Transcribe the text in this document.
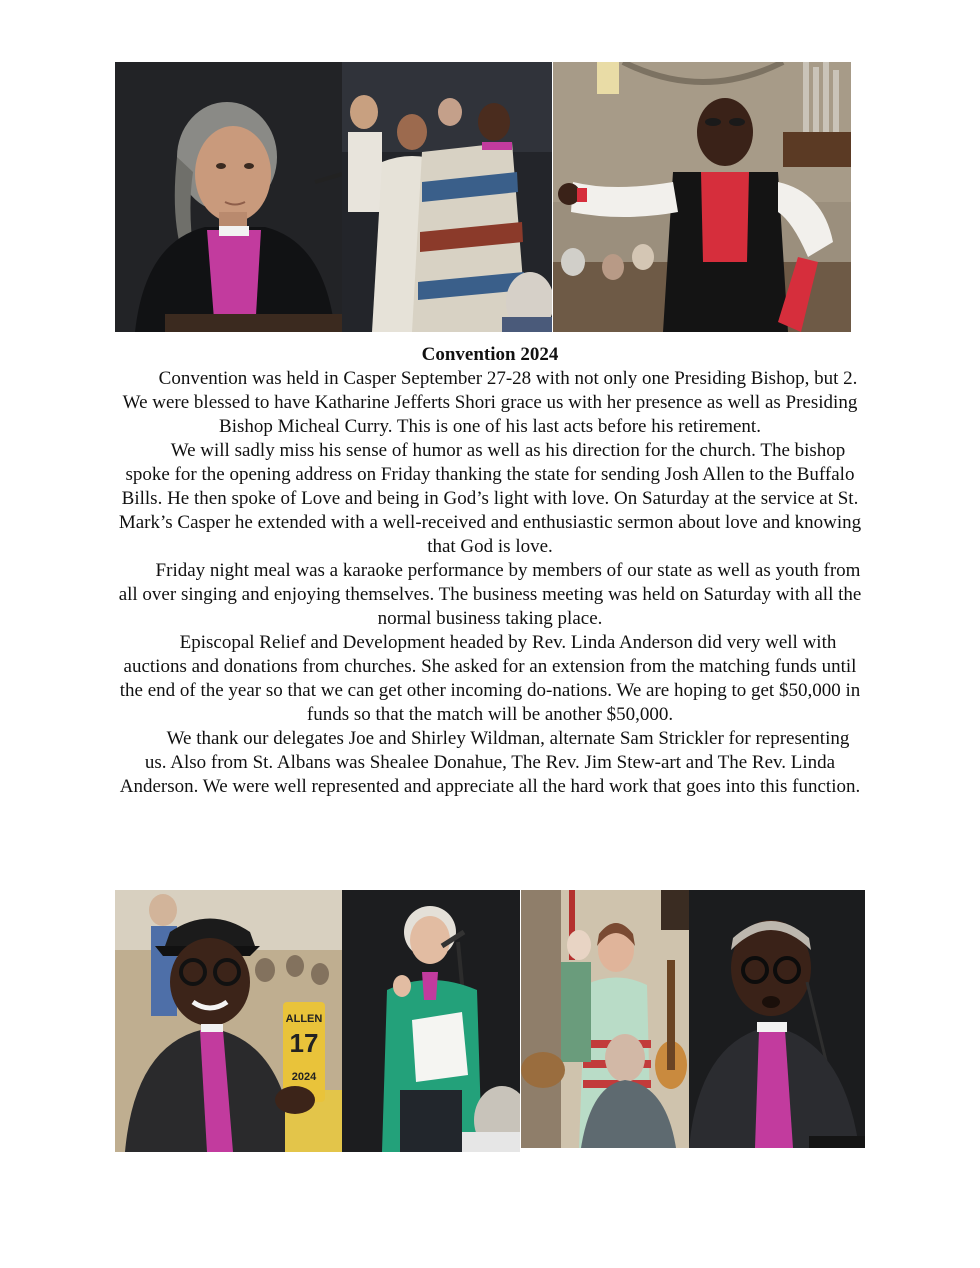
Convention 2024

Convention was held in Casper September 27-28 with not only one Presiding Bishop, but 2. We were blessed to have Katharine Jefferts Shori grace us with her presence as well as Presiding Bishop Micheal Curry. This is one of his last acts before his retirement.

We will sadly miss his sense of humor as well as his direction for the church. The bishop spoke for the opening address on Friday thanking the state for sending Josh Allen to the Buffalo Bills. He then spoke of Love and being in God’s light with love. On Saturday at the service at St. Mark’s Casper he extended with a well-received and enthusiastic sermon about love and knowing that God is love.

Friday night meal was a karaoke performance by members of our state as well as youth from all over singing and enjoying themselves. The business meeting was held on Saturday with all the normal business taking place.

Episcopal Relief and Development headed by Rev. Linda Anderson did very well with auctions and donations from churches. She asked for an extension from the matching funds until the end of the year so that we can get other incoming do-nations. We are hoping to get $50,000 in funds so that the match will be another $50,000.

We thank our delegates Joe and Shirley Wildman, alternate Sam Strickler for representing us. Also from St. Albans was Shealee Donahue, The Rev. Jim Stew-art and The Rev. Linda Anderson. We were well represented and appreciate all the hard work that goes into this function.

ALLEN
17
2024
